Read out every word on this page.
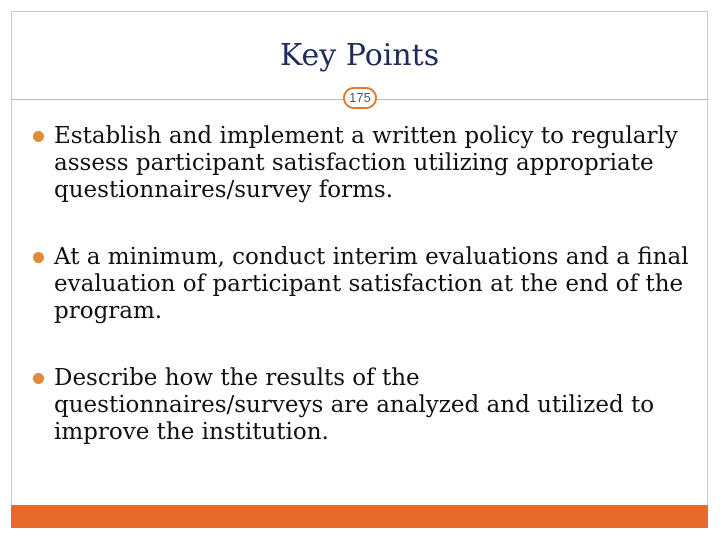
Key Points
175
Establish and implement a written policy to regularly assess participant satisfaction utilizing appropriate questionnaires/survey forms.
At a minimum, conduct interim evaluations and a final evaluation of participant satisfaction at the end of the program.
Describe how the results of the questionnaires/surveys are analyzed and utilized to improve the institution.
